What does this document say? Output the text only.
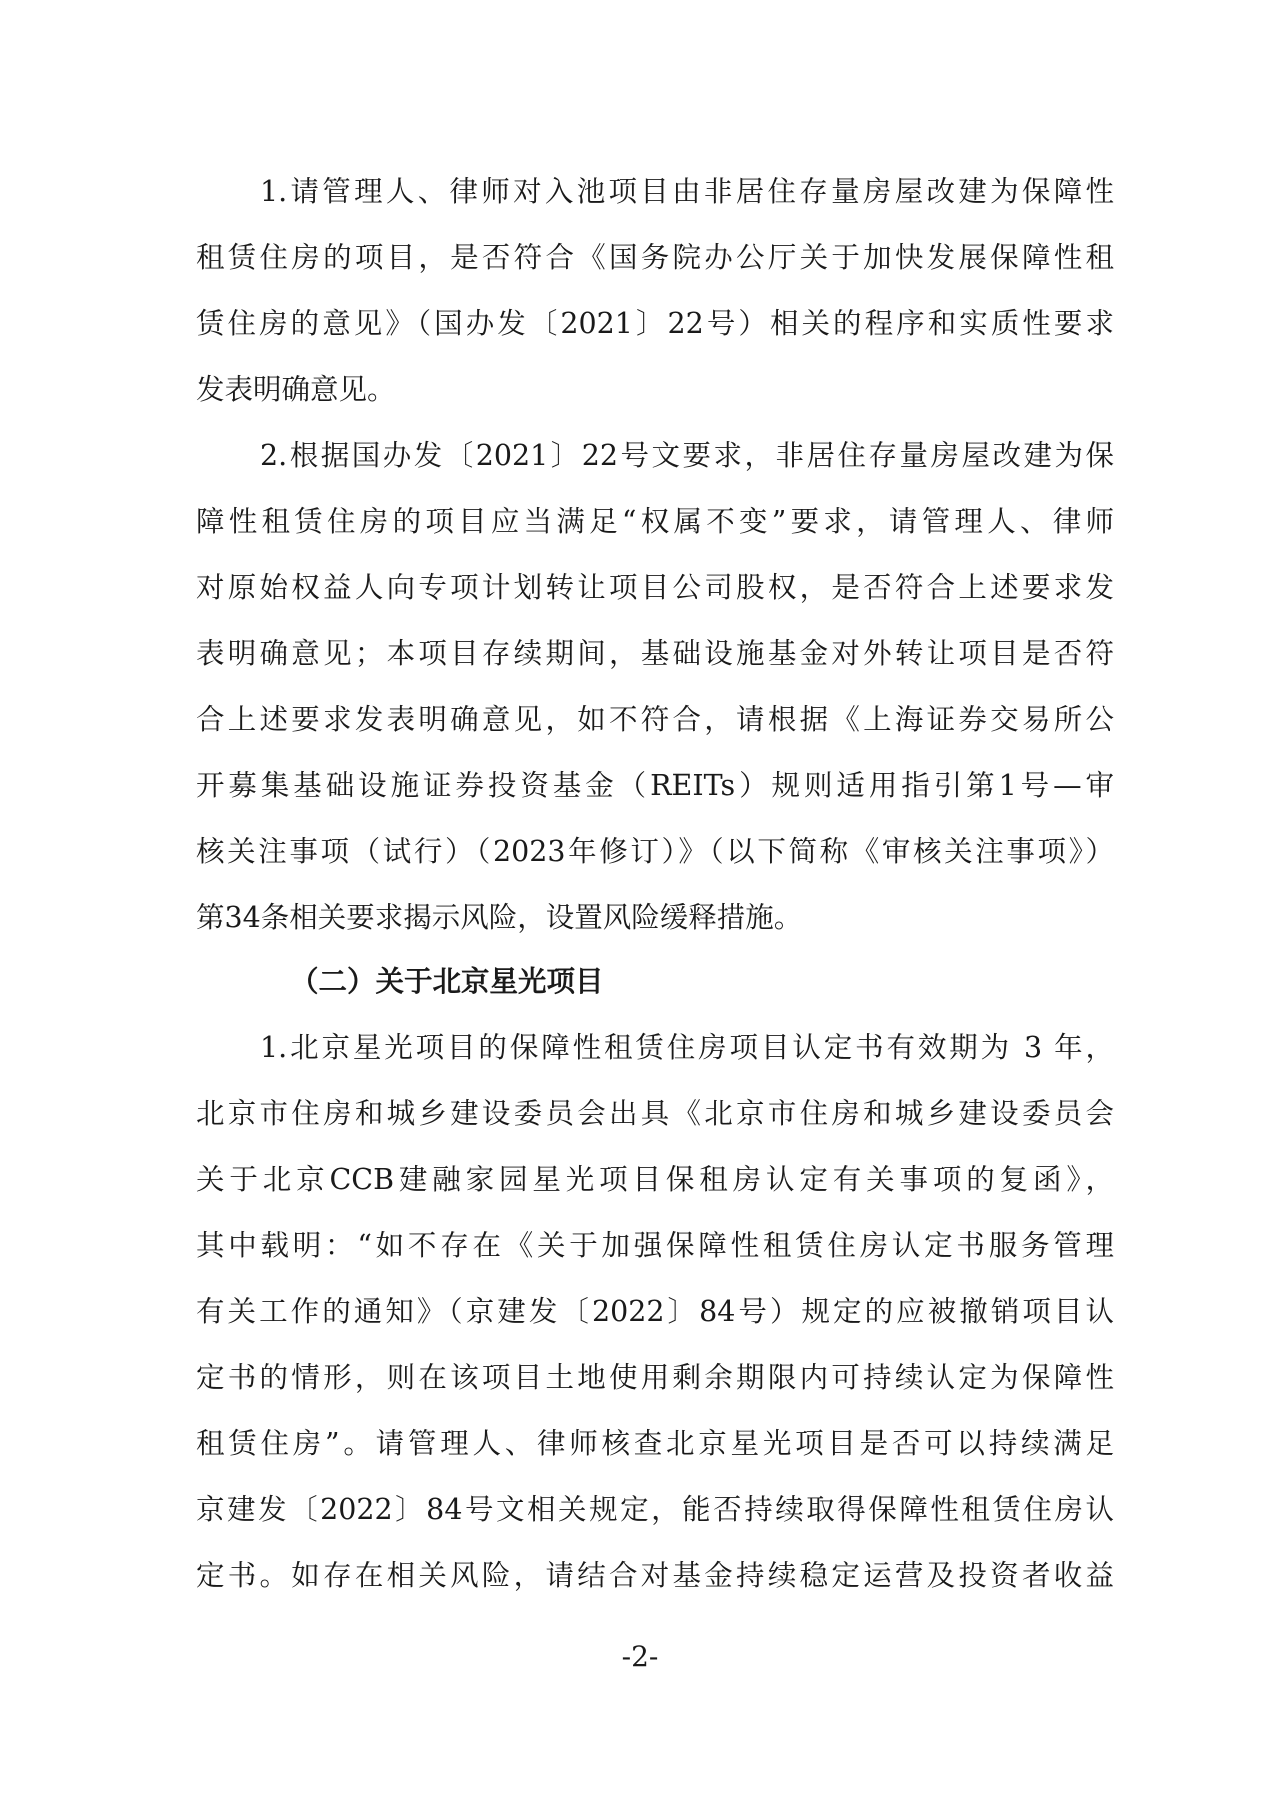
1.请管理人、律师对入池项目由非居住存量房屋改建为保障性

租赁住房的项目，是否符合《国务院办公厅关于加快发展保障性租

赁住房的意见》（国办发〔2021〕22号）相关的程序和实质性要求

发表明确意见。

2.根据国办发〔2021〕22号文要求，非居住存量房屋改建为保

障性租赁住房的项目应当满足“权属不变”要求，请管理人、律师

对原始权益人向专项计划转让项目公司股权，是否符合上述要求发

表明确意见；本项目存续期间，基础设施基金对外转让项目是否符

合上述要求发表明确意见，如不符合，请根据《上海证券交易所公

开募集基础设施证券投资基金（REITs）规则适用指引第1号—审

核关注事项（试行）（2023年修订）》（以下简称《审核关注事项》）

第34条相关要求揭示风险，设置风险缓释措施。

（二）关于北京星光项目

1.北京星光项目的保障性租赁住房项目认定书有效期为 3 年，

北京市住房和城乡建设委员会出具《北京市住房和城乡建设委员会

关于北京CCB建融家园星光项目保租房认定有关事项的复函》，

其中载明：“如不存在《关于加强保障性租赁住房认定书服务管理

有关工作的通知》（京建发〔2022〕84号）规定的应被撤销项目认

定书的情形，则在该项目土地使用剩余期限内可持续认定为保障性

租赁住房”。请管理人、律师核查北京星光项目是否可以持续满足

京建发〔2022〕84号文相关规定，能否持续取得保障性租赁住房认

定书。如存在相关风险，请结合对基金持续稳定运营及投资者收益

-2-
